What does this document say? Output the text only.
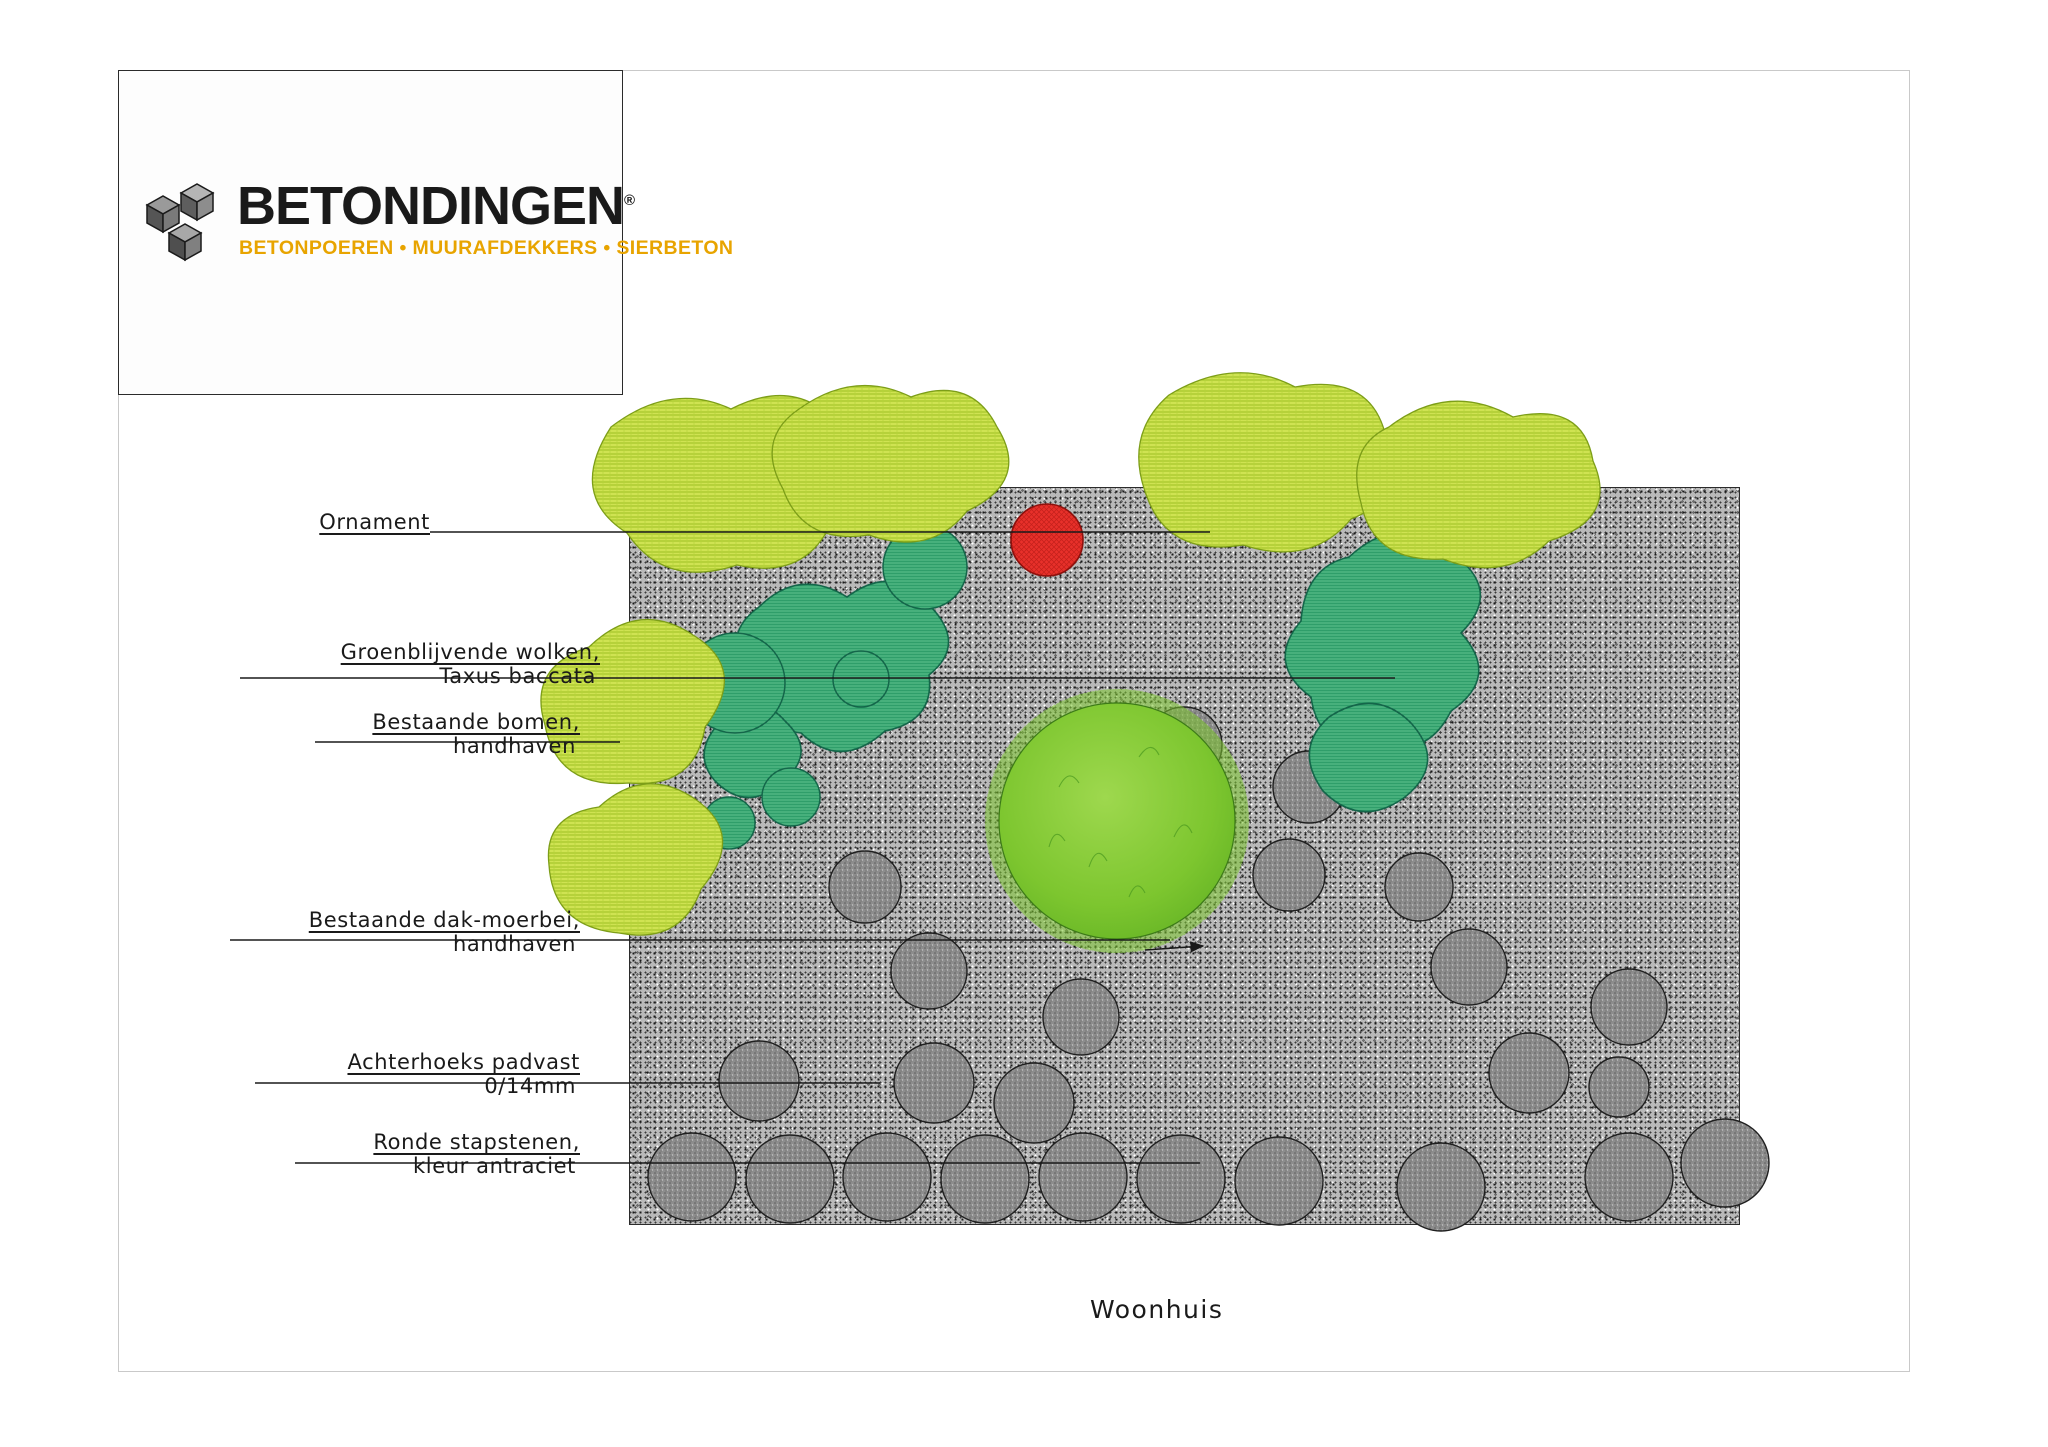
BETONDINGEN®
BETONPOEREN • MUURAFDEKKERS • SIERBETON
Ornament
Groenblijvende wolken,
Taxus baccata
Bestaande bomen,
handhaven
Bestaande dak-moerbei,
handhaven
Achterhoeks padvast
0/14mm
Ronde stapstenen,
kleur antraciet
Woonhuis
